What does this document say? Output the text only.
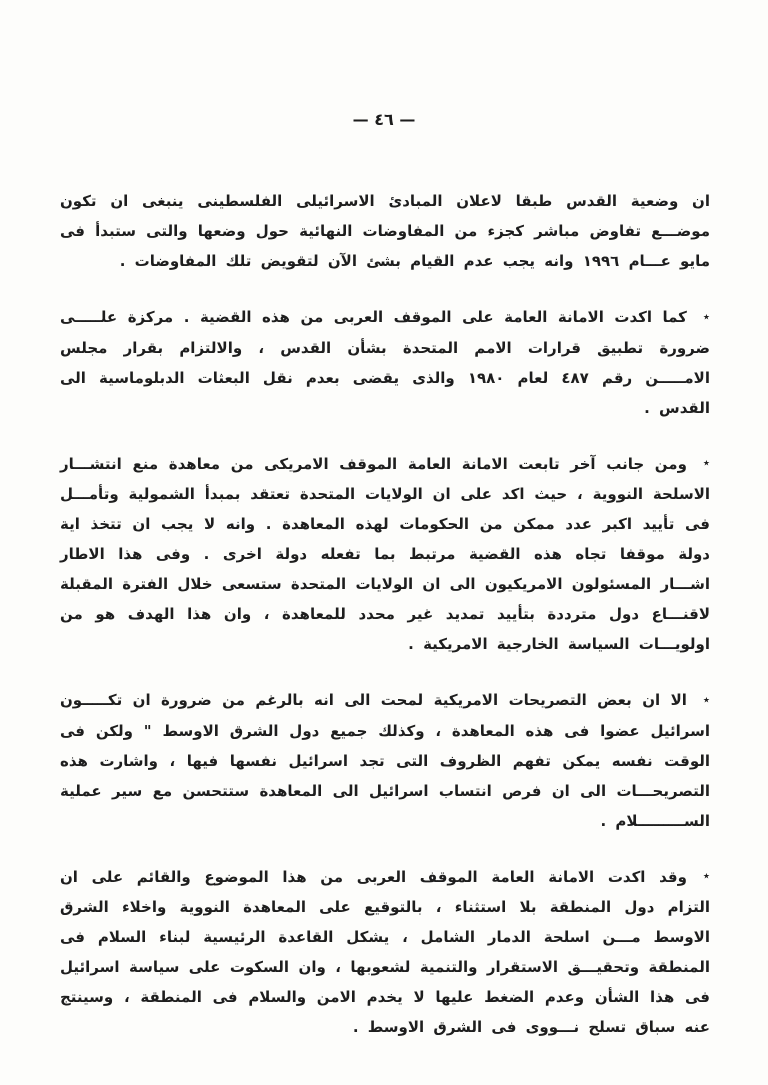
— ٤٦ —

ان وضعية القدس طبقا لاعلان المبادئ الاسرائيلى الفلسطينى ينبغى ان تكون موضـــع تفاوض مباشر كجزء من المفاوضات النهائية حول وضعها والتى ستبدأ فى مايو عـــام ١٩٩٦ وانه يجب عدم القيام بشئ الآن لتقويض تلك المفاوضات .

٭كما اكدت الامانة العامة على الموقف العربى من هذه القضية . مركزة علـــــى ضرورة تطبيق قرارات الامم المتحدة بشأن القدس ، والالتزام بقرار مجلس الامـــــن رقم ٤٨٧ لعام ١٩٨٠ والذى يقضى بعدم نقل البعثات الدبلوماسية الى القدس .

٭ومن جانب آخر تابعت الامانة العامة الموقف الامريكى من معاهدة منع انتشـــار الاسلحة النووية ، حيث اكد على ان الولايات المتحدة تعتقد بمبدأ الشمولية وتأمـــل فى تأييد اكبر عدد ممكن من الحكومات لهذه المعاهدة . وانه لا يجب ان تتخذ اية دولة موقفا تجاه هذه القضية مرتبط بما تفعله دولة اخرى . وفى هذا الاطار اشـــار المسئولون الامريكيون الى ان الولايات المتحدة ستسعى خلال الفترة المقبلة لاقنـــاع دول مترددة بتأييد تمديد غير محدد للمعاهدة ، وان هذا الهدف هو من اولويـــات السياسة الخارجية الامريكية .

٭الا ان بعض التصريحات الامريكية لمحت الى انه بالرغم من ضرورة ان تكـــــون اسرائيل عضوا فى هذه المعاهدة ، وكذلك جميع دول الشرق الاوسط " ولكن فى الوقت نفسه يمكن تفهم الظروف التى تجد اسرائيل نفسها فيها ، واشارت هذه التصريحـــات الى ان فرص انتساب اسرائيل الى المعاهدة ستتحسن مع سير عملية الســـــــــلام .

٭وقد اكدت الامانة العامة الموقف العربى من هذا الموضوع والقائم على ان التزام دول المنطقة بلا استثناء ، بالتوقيع على المعاهدة النووية واخلاء الشرق الاوسط مـــن اسلحة الدمار الشامل ، يشكل القاعدة الرئيسية لبناء السلام فى المنطقة وتحقيـــق الاستقرار والتنمية لشعوبها ، وان السكوت على سياسة اسرائيل فى هذا الشأن وعدم الضغط عليها لا يخدم الامن والسلام فى المنطقة ، وسينتج عنه سباق تسلح نـــووى فى الشرق الاوسط .
